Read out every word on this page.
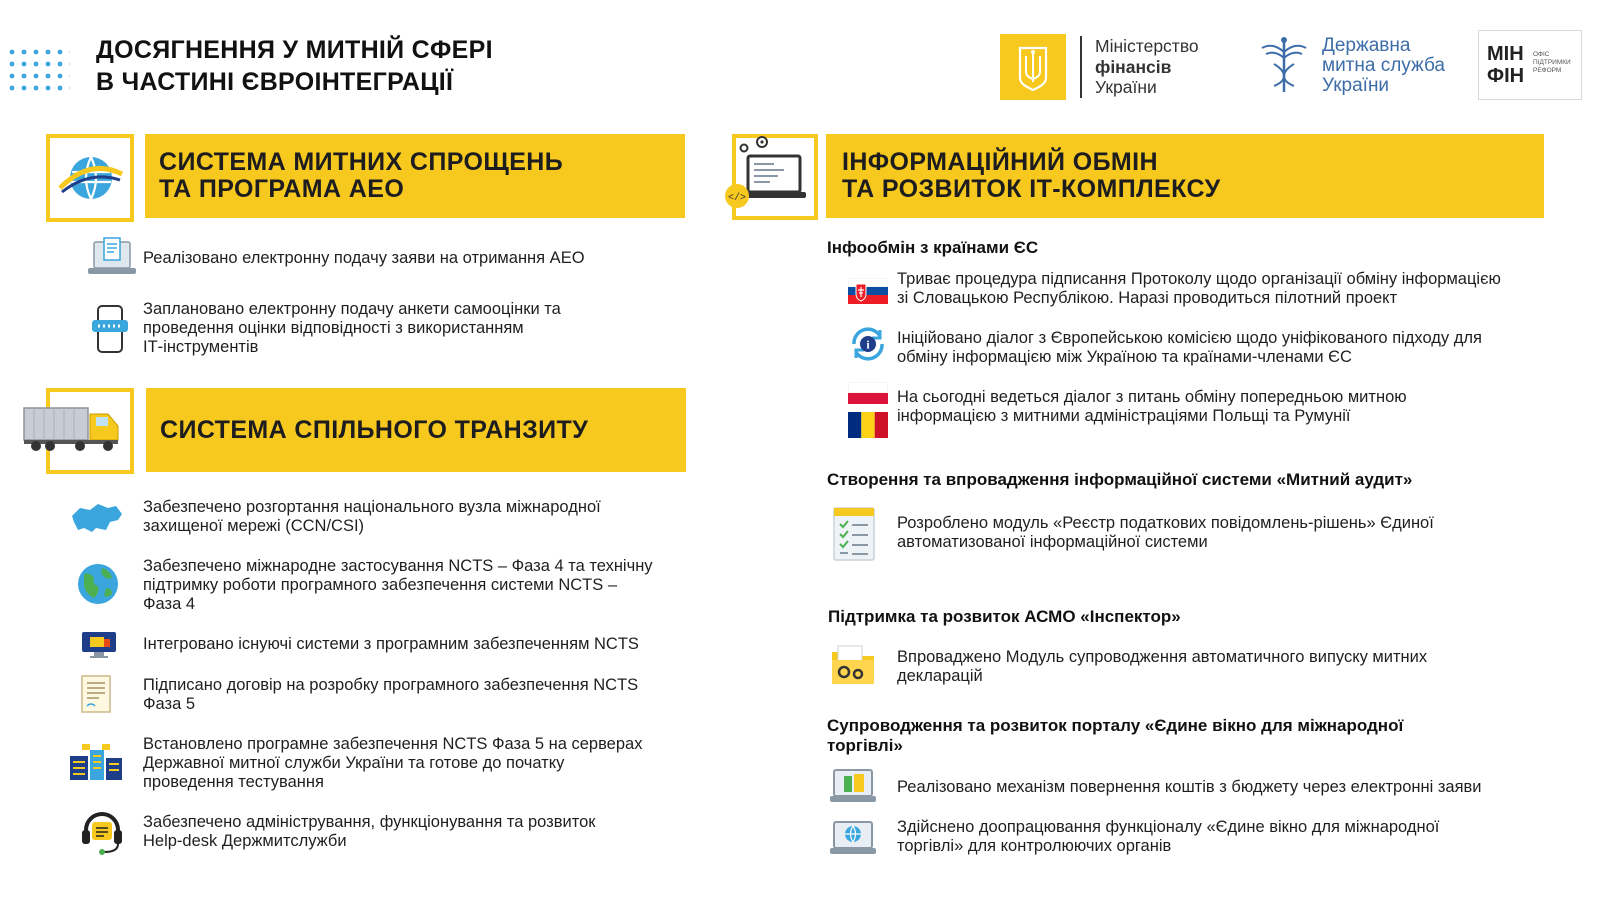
ДОСЯГНЕННЯ У МИТНІЙ СФЕРІ
В ЧАСТИНІ ЄВРОІНТЕГРАЦІЇ
Міністерство
фінансів
України
Державна
митна служба
України
МІН
ФІН
ОФІС
ПІДТРИМКИ
РЕФОРМ
СИСТЕМА МИТНИХ СПРОЩЕНЬ
ТА ПРОГРАМА АЕО
Реалізовано електронну подачу заяви на отримання АЕО
Заплановано електронну подачу анкети самооцінки та
проведення оцінки відповідності з використанням
ІТ-інструментів
СИСТЕМА СПІЛЬНОГО ТРАНЗИТУ
Забезпечено розгортання національного вузла міжнародної
захищеної мережі (CCN/CSI)
Забезпечено міжнародне застосування NCTS – Фаза 4 та технічну
підтримку роботи програмного забезпечення системи NCTS –
Фаза 4
Інтегровано існуючі системи з програмним забезпеченням NCTS
Підписано договір на розробку програмного забезпечення NCTS
Фаза 5
Встановлено програмне забезпечення NCTS Фаза 5 на серверах
Державної митної служби України та готове до початку
проведення тестування
Забезпечено адміністрування, функціонування та розвиток
Help-desk Держмитслужби
</>
ІНФОРМАЦІЙНИЙ ОБМІН
ТА РОЗВИТОК ІТ-КОМПЛЕКСУ
Інфообмін з країнами ЄС
Триває процедура підписання Протоколу щодо організації обміну інформацією
зі Словацькою Республікою. Наразі проводиться пілотний проект
i Ініційовано діалог з Європейською комісією щодо уніфікованого підходу для
обміну інформацією між Україною та країнами-членами ЄС
На сьогодні ведеться діалог з питань обміну попередньою митною
інформацією з митними адміністраціями Польщі та Румунії
Створення та впровадження інформаційної системи «Митний аудит»
Розроблено модуль «Реєстр податкових повідомлень-рішень» Єдиної
автоматизованої інформаційної системи
Підтримка та розвиток АСМО «Інспектор»
Впроваджено Модуль супроводження автоматичного випуску митних
декларацій
Супроводження та розвиток порталу «Єдине вікно для міжнародної
торгівлі»
Реалізовано механізм повернення коштів з бюджету через електронні заяви
Здійснено доопрацювання функціоналу «Єдине вікно для міжнародної
торгівлі» для контролюючих органів
